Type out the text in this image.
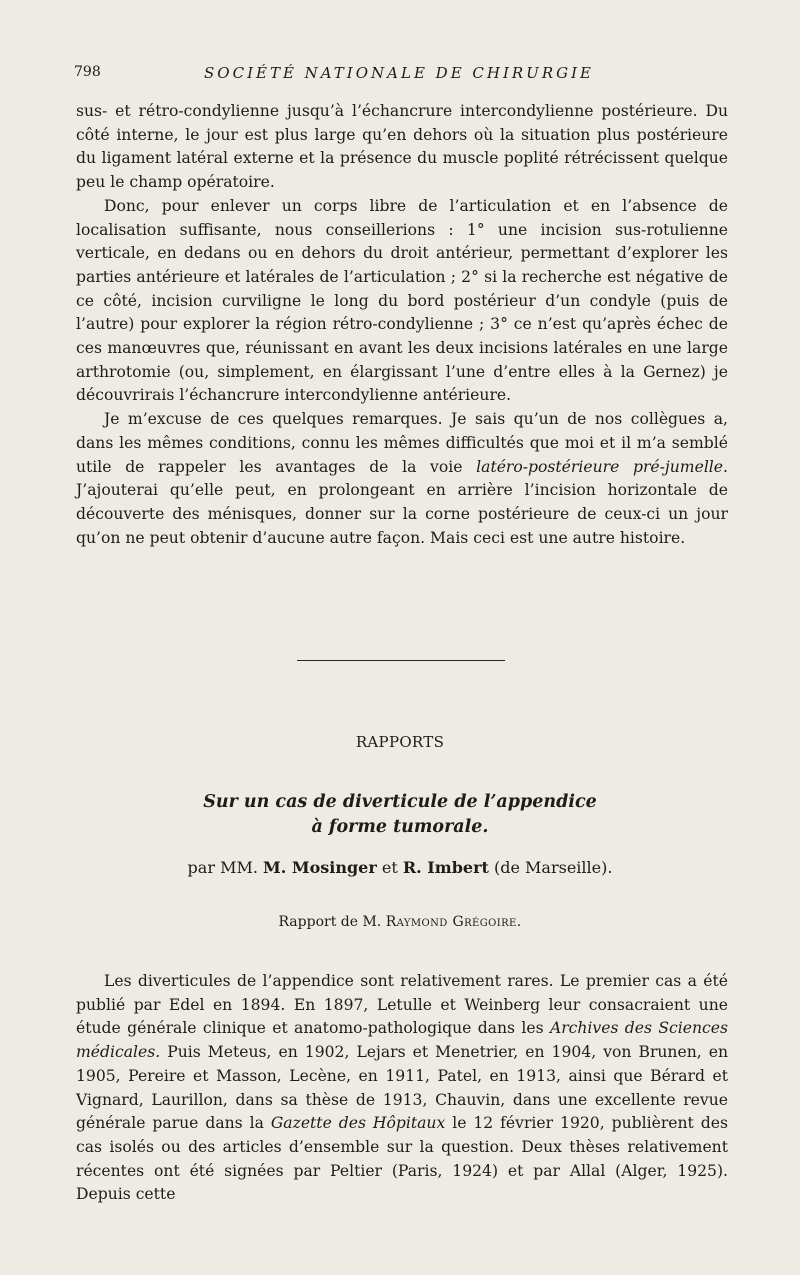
798	SOCIÉTÉ NATIONALE DE CHIRURGIE

sus- et rétro-condylienne jusqu’à l’échancrure intercondylienne postérieure. Du côté interne, le jour est plus large qu’en dehors où la situation plus postérieure du ligament latéral externe et la présence du muscle poplité rétrécissent quelque peu le champ opératoire.

Donc, pour enlever un corps libre de l’articulation et en l’absence de localisation suffisante, nous conseillerions : 1° une incision sus-rotulienne verticale, en dedans ou en dehors du droit antérieur, permettant d’explorer les parties antérieure et latérales de l’articulation ; 2° si la recherche est négative de ce côté, incision curviligne le long du bord postérieur d’un condyle (puis de l’autre) pour explorer la région rétro-condylienne ; 3° ce n’est qu’après échec de ces manœuvres que, réunissant en avant les deux incisions latérales en une large arthrotomie (ou, simplement, en élargissant l’une d’entre elles à la Gernez) je découvrirais l’échancrure intercondylienne antérieure.

Je m’excuse de ces quelques remarques. Je sais qu’un de nos collègues a, dans les mêmes conditions, connu les mêmes difficultés que moi et il m’a semblé utile de rappeler les avantages de la voie latéro-postérieure pré-jumelle. J’ajouterai qu’elle peut, en prolongeant en arrière l’incision horizontale de découverte des ménisques, donner sur la corne postérieure de ceux-ci un jour qu’on ne peut obtenir d’aucune autre façon. Mais ceci est une autre histoire.

RAPPORTS
Sur un cas de diverticule de l’appendice
à forme tumorale.
par MM. M. Mosinger et R. Imbert (de Marseille).
Rapport de M. Raymond Grégoire.

Les diverticules de l’appendice sont relativement rares. Le premier cas a été publié par Edel en 1894. En 1897, Letulle et Weinberg leur consacraient une étude générale clinique et anatomo-pathologique dans les Archives des Sciences médicales. Puis Meteus, en 1902, Lejars et Menetrier, en 1904, von Brunen, en 1905, Pereire et Masson, Lecène, en 1911, Patel, en 1913, ainsi que Bérard et Vignard, Laurillon, dans sa thèse de 1913, Chauvin, dans une excellente revue générale parue dans la Gazette des Hôpitaux le 12 février 1920, publièrent des cas isolés ou des articles d’ensemble sur la question. Deux thèses relativement récentes ont été signées par Peltier (Paris, 1924) et par Allal (Alger, 1925). Depuis cette
